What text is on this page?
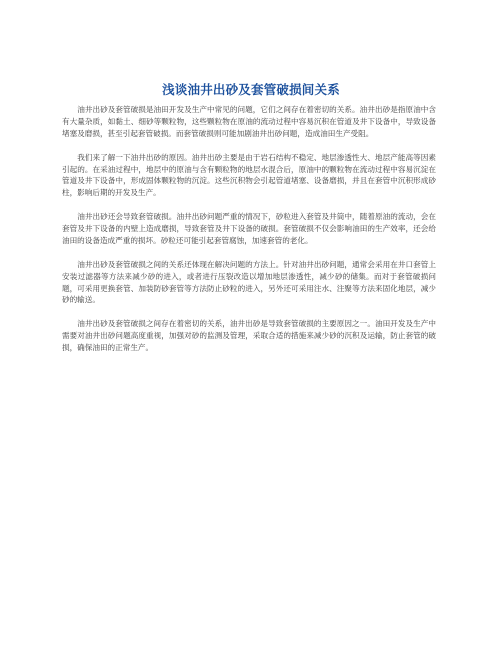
浅谈油井出砂及套管破损间关系

油井出砂及套管破损是油田开发及生产中常见的问题，它们之间存在着密切的关系。油井出砂是指原油中含有大量杂质，如黏土、细砂等颗粒物，这些颗粒物在原油的流动过程中容易沉积在管道及井下设备中，导致设备堵塞及磨损，甚至引起套管破损。而套管破损则可能加剧油井出砂问题，造成油田生产受阻。

我们来了解一下油井出砂的原因。油井出砂主要是由于岩石结构不稳定、地层渗透性大、地层产能高等因素引起的。在采油过程中，地层中的原油与含有颗粒物的地层水混合后，原油中的颗粒物在流动过程中容易沉淀在管道及井下设备中，形成固体颗粒物的沉淀。这些沉积物会引起管道堵塞、设备磨损，并且在套管中沉积形成砂柱，影响后期的开发及生产。

油井出砂还会导致套管破损。油井出砂问题严重的情况下，砂粒进入套管及井筒中，随着原油的流动，会在套管及井下设备的内壁上造成磨损，导致套管及井下设备的破损。套管破损不仅会影响油田的生产效率，还会给油田的设备造成严重的损坏。砂粒还可能引起套管腐蚀，加速套管的老化。

油井出砂及套管破损之间的关系还体现在解决问题的方法上。针对油井出砂问题，通常会采用在井口套管上安装过滤器等方法来减少砂的进入，或者进行压裂改造以增加地层渗透性，减少砂的储集。而对于套管破损问题，可采用更换套管、加装防砂套管等方法防止砂粒的进入，另外还可采用注水、注聚等方法来固化地层，减少砂的输送。

油井出砂及套管破损之间存在着密切的关系，油井出砂是导致套管破损的主要原因之一。油田开发及生产中需要对油井出砂问题高度重视，加强对砂的监测及管理，采取合适的措施来减少砂的沉积及运输，防止套管的破损，确保油田的正常生产。
